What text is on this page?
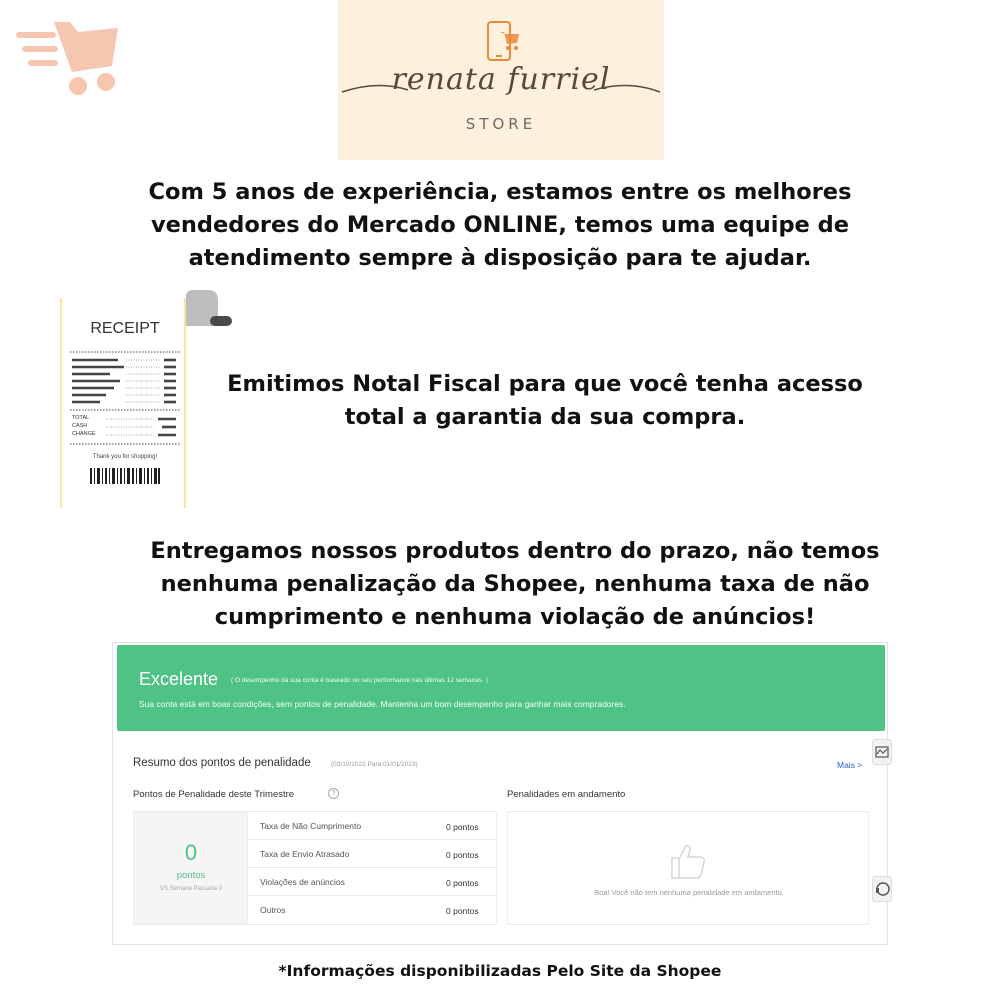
renata furriel
STORE
Com 5 anos de experiência, estamos entre os melhores vendedores do Mercado ONLINE, temos uma equipe de atendimento sempre à disposição para te ajudar.
RECEIPT
TOTAL
CASH
CHANGE
Thank you for shopping!
Emitimos Notal Fiscal para que você tenha acesso total a garantia da sua compra.
Entregamos nossos produtos dentro do prazo, não temos nenhuma penalização da Shopee, nenhuma taxa de não cumprimento e nenhuma violação de anúncios!
Excelente ( O desempenho da sua conta é baseado no seu performance nas últimas 12 semanas. )
Sua conta está em boas condições, sem pontos de penalidade. Mantenha um bom desempenho para ganhar mais compradores.
Resumo dos pontos de penalidade	(03/10/2022 Para 01/01/2023)	Mais >
Pontos de Penalidade deste Trimestre	?	Penalidades em andamento
0
pontos
VS Semana Passada 0
Taxa de Não Cumprimento	0 pontos
Taxa de Envio Atrasado	0 pontos
Violações de anúncios	0 pontos
Outros	0 pontos
Boa! Você não tem nenhuma penalidade em andamento.
*Informações disponibilizadas Pelo Site da Shopee
